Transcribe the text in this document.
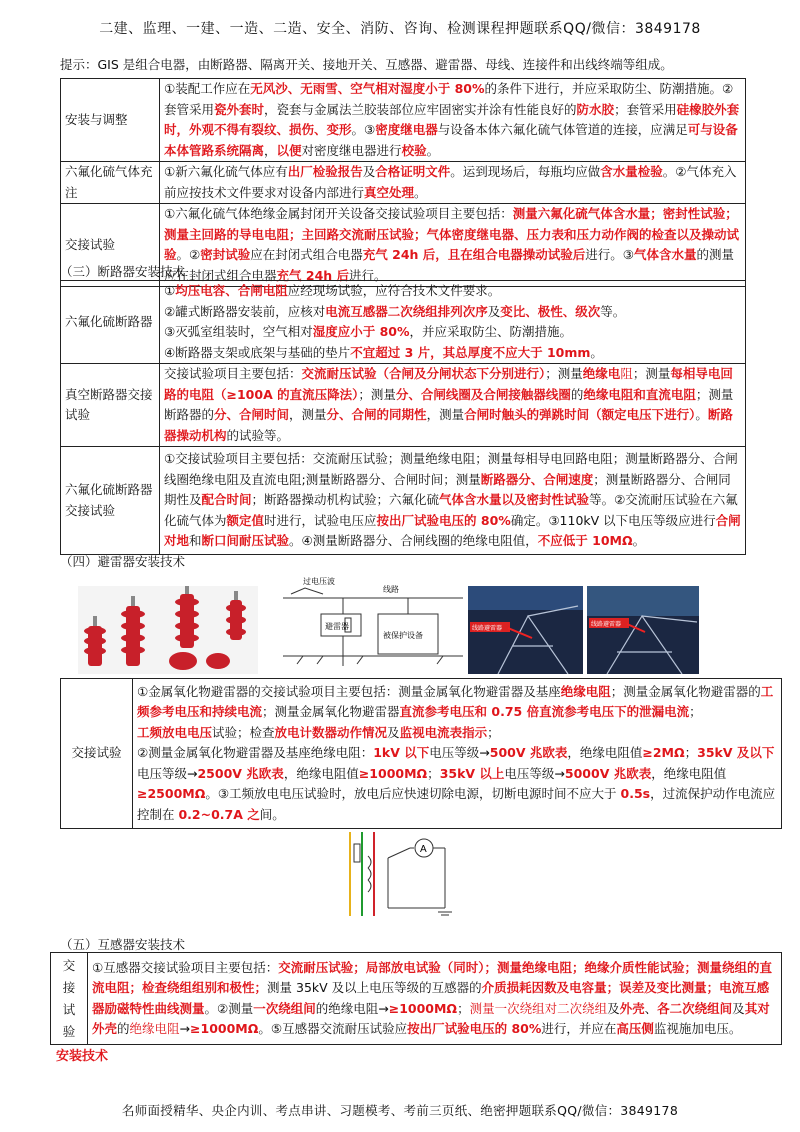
二建、监理、一建、一造、二造、安全、消防、咨询、检测课程押题联系QQ/微信：3849178
提示：GIS 是组合电器，由断路器、隔离开关、接地开关、互感器、避雷器、母线、连接件和出线终端等组成。
安装与调整	①装配工作应在无风沙、无雨雪、空气相对湿度小于 80%的条件下进行，并应采取防尘、防潮措施。②套管采用瓷外套时，瓷套与金属法兰胶装部位应牢固密实并涂有性能良好的防水胶；套管采用硅橡胶外套时，外观不得有裂纹、损伤、变形。③密度继电器与设备本体六氟化硫气体管道的连接，应满足可与设备本体管路系统隔离，以便对密度继电器进行校验。
六氟化硫气体充注	①新六氟化硫气体应有出厂检验报告及合格证明文件。运到现场后，每瓶均应做含水量检验。②气体充入前应按技术文件要求对设备内部进行真空处理。
交接试验	①六氟化硫气体绝缘金属封闭开关设备交接试验项目主要包括：测量六氟化硫气体含水量；密封性试验；测量主回路的导电电阻；主回路交流耐压试验；气体密度继电器、压力表和压力动作阀的检查以及操动试验。②密封试验应在封闭式组合电器充气 24h 后，且在组合电器操动试验后进行。③气体含水量的测量应在封闭式组合电器充气 24h 后进行。
（三）断路器安装技术
六氟化硫断路器	①均压电容、合闸电阻应经现场试验，应符合技术文件要求。
②罐式断路器安装前，应核对电流互感器二次绕组排列次序及变比、极性、级次等。
③灭弧室组装时，空气相对湿度应小于 80%，并应采取防尘、防潮措施。
④断路器支架或底架与基础的垫片不宜超过 3 片，其总厚度不应大于 10mm。
真空断路器交接试验	交接试验项目主要包括：交流耐压试验（合闸及分闸状态下分别进行）；测量绝缘电阻；测量每相导电回路的电阻（≥100A 的直流压降法）；测量分、合闸线圈及合闸接触器线圈的绝缘电阻和直流电阻；测量断路器的分、合闸时间，测量分、合闸的同期性，测量合闸时触头的弹跳时间（额定电压下进行）。断路器操动机构的试验等。
六氟化硫断路器交接试验	①交接试验项目主要包括：交流耐压试验；测量绝缘电阻；测量每相导电回路电阻；测量断路器分、合闸线圈绝缘电阻及直流电阻;测量断路器分、合闸时间；测量断路器分、合闸速度；测量断路器分、合闸同期性及配合时间；断路器操动机构试验；六氟化硫气体含水量以及密封性试验等。②交流耐压试验在六氟化硫气体为额定值时进行，试验电压应按出厂试验电压的 80%确定。③110kV 以下电压等级应进行合闸对地和断口间耐压试验。④测量断路器分、合闸线圈的绝缘电阻值，不应低于 10MΩ。
（四）避雷器安装技术
过电压波
线路
避雷器
被保护设备
线路避雷器
线路避雷器
交接试验	①金属氧化物避雷器的交接试验项目主要包括：测量金属氧化物避雷器及基座绝缘电阻；测量金属氧化物避雷器的工频参考电压和持续电流；测量金属氧化物避雷器直流参考电压和 0.75 倍直流参考电压下的泄漏电流；
工频放电电压试验；检查放电计数器动作情况及监视电流表指示；
②测量金属氧化物避雷器及基座绝缘电阻：1kV 以下电压等级→500V 兆欧表，绝缘电阻值≥2MΩ；35kV 及以下电压等级→2500V 兆欧表，绝缘电阻值≥1000MΩ；35kV 以上电压等级→5000V 兆欧表，绝缘电阻值≥2500MΩ。③工频放电电压试验时，放电后应快速切除电源，切断电源时间不应大于 0.5s，过流保护动作电流应控制在 0.2~0.7A 之间。
A
（五）互感器安装技术
交接试验	①互感器交接试验项目主要包括：交流耐压试验；局部放电试验（同时）；测量绝缘电阻；绝缘介质性能试验；测量绕组的直流电阻；检查绕组组别和极性；测量 35kV 及以上电压等级的互感器的介质损耗因数及电容量；误差及变比测量；电流互感器励磁特性曲线测量。②测量一次绕组间的绝缘电阻→≥1000MΩ；测量一次绕组对二次绕组及外壳、各二次绕组间及其对外壳的绝缘电阻→≥1000MΩ。⑤互感器交流耐压试验应按出厂试验电压的 80%进行，并应在高压侧监视施加电压。
安装技术
名师面授精华、央企内训、考点串讲、习题模考、考前三页纸、绝密押题联系QQ/微信：3849178
